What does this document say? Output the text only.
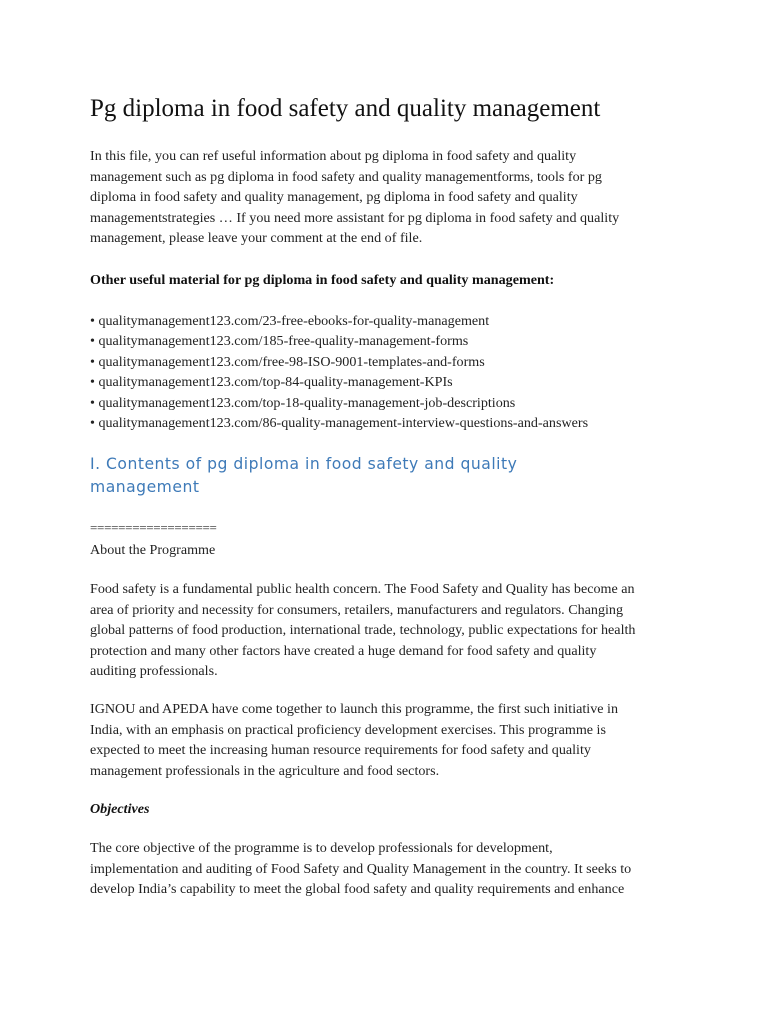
Pg diploma in food safety and quality management

In this file, you can ref useful information about pg diploma in food safety and quality
management such as pg diploma in food safety and quality managementforms, tools for pg
diploma in food safety and quality management, pg diploma in food safety and quality
managementstrategies … If you need more assistant for pg diploma in food safety and quality
management, please leave your comment at the end of file.

Other useful material for pg diploma in food safety and quality management:

• qualitymanagement123.com/23-free-ebooks-for-quality-management
• qualitymanagement123.com/185-free-quality-management-forms
• qualitymanagement123.com/free-98-ISO-9001-templates-and-forms
• qualitymanagement123.com/top-84-quality-management-KPIs
• qualitymanagement123.com/top-18-quality-management-job-descriptions
• qualitymanagement123.com/86-quality-management-interview-questions-and-answers
I. Contents of pg diploma in food safety and quality
management

==================

About the Programme

Food safety is a fundamental public health concern. The Food Safety and Quality has become an
area of priority and necessity for consumers, retailers, manufacturers and regulators. Changing
global patterns of food production, international trade, technology, public expectations for health
protection and many other factors have created a huge demand for food safety and quality
auditing professionals.

IGNOU and APEDA have come together to launch this programme, the first such initiative in
India, with an emphasis on practical proficiency development exercises. This programme is
expected to meet the increasing human resource requirements for food safety and quality
management professionals in the agriculture and food sectors.

Objectives

The core objective of the programme is to develop professionals for development,
implementation and auditing of Food Safety and Quality Management in the country. It seeks to
develop India’s capability to meet the global food safety and quality requirements and enhance
